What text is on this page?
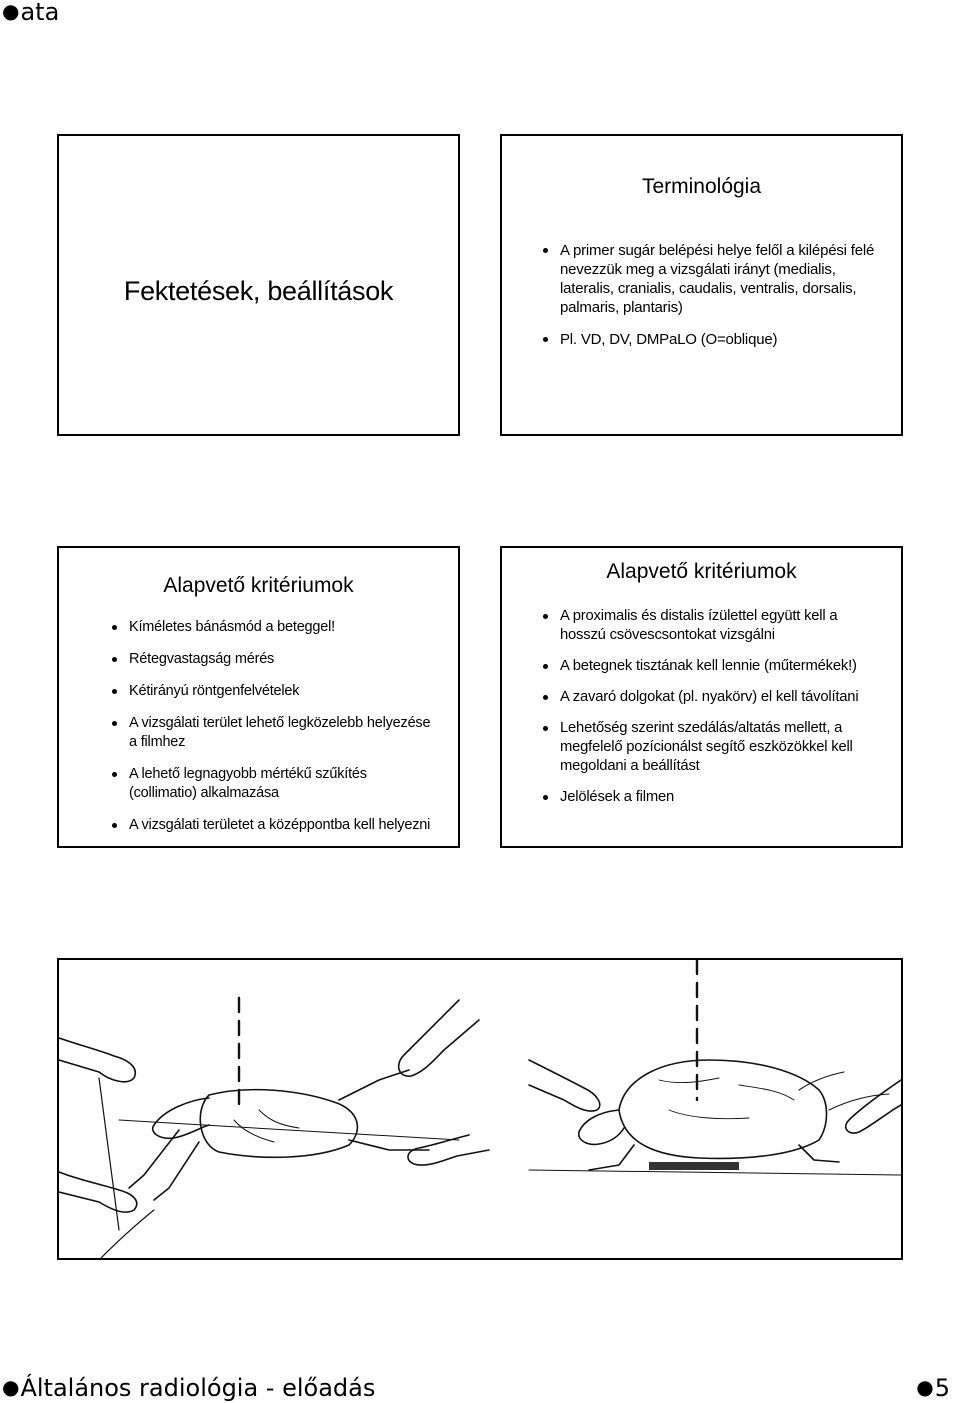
●ata
Fektetések, beállítások
Terminológia
A primer sugár belépési helye felől a kilépési felé nevezzük meg a vizsgálati irányt (medialis, lateralis, cranialis, caudalis, ventralis, dorsalis, palmaris, plantaris)
Pl. VD, DV, DMPaLO (O=oblique)
Alapvető kritériumok
Kíméletes bánásmód a beteggel!
Rétegvastagság mérés
Kétirányú röntgenfelvételek
A vizsgálati terület lehető legközelebb helyezése a filmhez
A lehető legnagyobb mértékű szűkítés (collimatio) alkalmazása
A vizsgálati területet a középpontba kell helyezni
Alapvető kritériumok
A proximalis és distalis ízülettel együtt kell a hosszú csövescsontokat vizsgálni
A betegnek tisztának kell lennie (műtermékek!)
A zavaró dolgokat (pl. nyakörv) el kell távolítani
Lehetőség szerint szedálás/altatás mellett, a megfelelő pozícionálst segítő eszközökkel kell megoldani a beállítást
Jelölések a filmen
●Általános radiológia - előadás	●5
